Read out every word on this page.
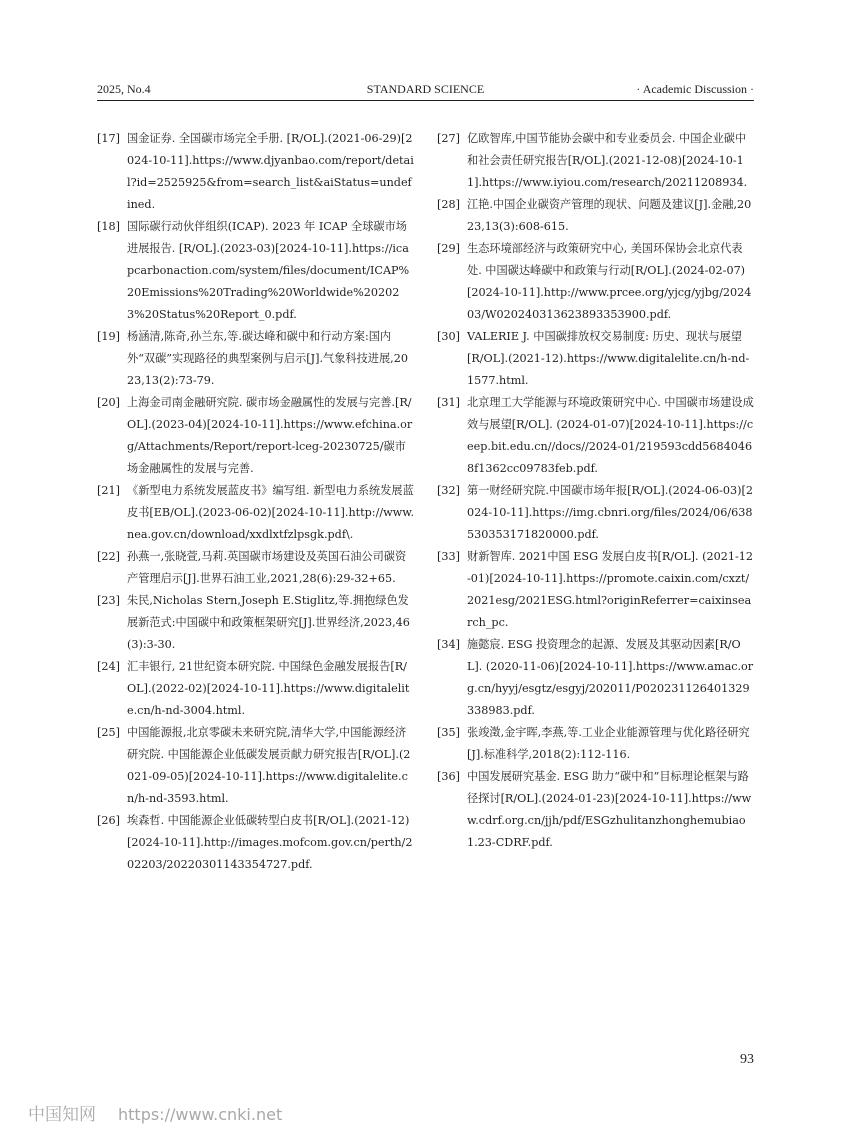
2025, No.4	STANDARD SCIENCE	· Academic Discussion ·
[17] 国金证券. 全国碳市场完全手册. [R/OL].(2021-06-29)[2024-10-11].https://www.djyanbao.com/report/detail?id=2525925&from=search_list&aiStatus=undefined.
[18] 国际碳行动伙伴组织(ICAP). 2023 年 ICAP 全球碳市场进展报告. [R/OL].(2023-03)[2024-10-11].https://icapcarbonaction.com/system/files/document/ICAP%20Emissions%20Trading%20Worldwide%202023%20Status%20Report_0.pdf.
[19] 杨涵清,陈奇,孙兰东,等.碳达峰和碳中和行动方案:国内外“双碳”实现路径的典型案例与启示[J].气象科技进展,2023,13(2):73-79.
[20] 上海金司南金融研究院. 碳市场金融属性的发展与完善.[R/OL].(2023-04)[2024-10-11].https://www.efchina.org/Attachments/Report/report-lceg-20230725/碳市场金融属性的发展与完善.
[21] 《新型电力系统发展蓝皮书》编写组. 新型电力系统发展蓝皮书[EB/OL].(2023-06-02)[2024-10-11].http://www.nea.gov.cn/download/xxdlxtfzlpsgk.pdf\.
[22] 孙燕一,张晓萱,马莉.英国碳市场建设及英国石油公司碳资产管理启示[J].世界石油工业,2021,28(6):29-32+65.
[23] 朱民,Nicholas Stern,Joseph E.Stiglitz,等.拥抱绿色发展新范式:中国碳中和政策框架研究[J].世界经济,2023,46(3):3-30.
[24] 汇丰银行, 21世纪资本研究院. 中国绿色金融发展报告[R/OL].(2022-02)[2024-10-11].https://www.digitalelite.cn/h-nd-3004.html.
[25] 中国能源报,北京零碳未来研究院,清华大学,中国能源经济研究院. 中国能源企业低碳发展贡献力研究报告[R/OL].(2021-09-05)[2024-10-11].https://www.digitalelite.cn/h-nd-3593.html.
[26] 埃森哲. 中国能源企业低碳转型白皮书[R/OL].(2021-12)[2024-10-11].http://images.mofcom.gov.cn/perth/202203/20220301143354727.pdf.
[27] 亿欧智库,中国节能协会碳中和专业委员会. 中国企业碳中和社会责任研究报告[R/OL].(2021-12-08)[2024-10-11].https://www.iyiou.com/research/20211208934.
[28] 江艳.中国企业碳资产管理的现状、问题及建议[J].金融,2023,13(3):608-615.
[29] 生态环境部经济与政策研究中心, 美国环保协会北京代表处. 中国碳达峰碳中和政策与行动[R/OL].(2024-02-07)[2024-10-11].http://www.prcee.org/yjcg/yjbg/202403/W020240313623893353900.pdf.
[30] VALERIE J. 中国碳排放权交易制度: 历史、现状与展望[R/OL].(2021-12).https://www.digitalelite.cn/h-nd-1577.html.
[31] 北京理工大学能源与环境政策研究中心. 中国碳市场建设成效与展望[R/OL]. (2024-01-07)[2024-10-11].https://ceep.bit.edu.cn//docs//2024-01/219593cdd56840468f1362cc09783feb.pdf.
[32] 第一财经研究院.中国碳市场年报[R/OL].(2024-06-03)[2024-10-11].https://img.cbnri.org/files/2024/06/638530353171820000.pdf.
[33] 财新智库. 2021中国 ESG 发展白皮书[R/OL]. (2021-12-01)[2024-10-11].https://promote.caixin.com/cxzt/2021esg/2021ESG.html?originReferrer=caixinsearch_pc.
[34] 施懿宸. ESG 投资理念的起源、发展及其驱动因素[R/OL]. (2020-11-06)[2024-10-11].https://www.amac.org.cn/hyyj/esgtz/esgyj/202011/P020231126401329338983.pdf.
[35] 张竣澂,金宇晖,李燕,等.工业企业能源管理与优化路径研究[J].标准科学,2018(2):112-116.
[36] 中国发展研究基金. ESG 助力“碳中和”目标理论框架与路径探讨[R/OL].(2024-01-23)[2024-10-11].https://www.cdrf.org.cn/jjh/pdf/ESGzhulitanzhonghemubiao1.23-CDRF.pdf.
93
中国知网 https://www.cnki.net
